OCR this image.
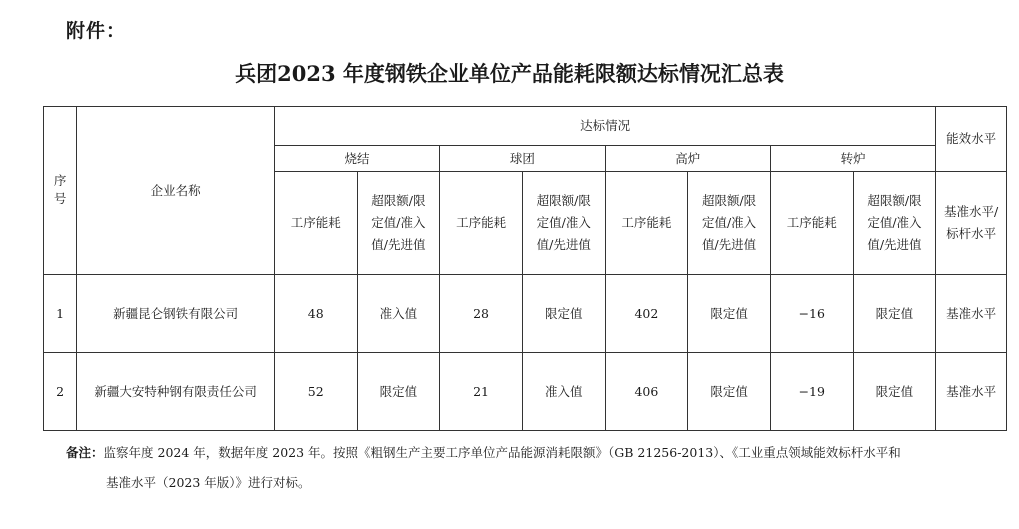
附件：
兵团2023 年度钢铁企业单位产品能耗限额达标情况汇总表
序号	企业名称	达标情况								能效水平
		烧结		球团		高炉		转炉		
		工序能耗	超限额/限定值/准入值/先进值	工序能耗	超限额/限定值/准入值/先进值	工序能耗	超限额/限定值/准入值/先进值	工序能耗	超限额/限定值/准入值/先进值	基准水平/标杆水平
1	新疆昆仑钢铁有限公司	48	准入值	28	限定值	402	限定值	−16	限定值	基准水平
2	新疆大安特种钢有限责任公司	52	限定值	21	准入值	406	限定值	−19	限定值	基准水平
备注：监察年度 2024 年，数据年度 2023 年。按照《粗钢生产主要工序单位产品能源消耗限额》（GB 21256-2013）、《工业重点领域能效标杆水平和
基准水平（2023 年版）》进行对标。
